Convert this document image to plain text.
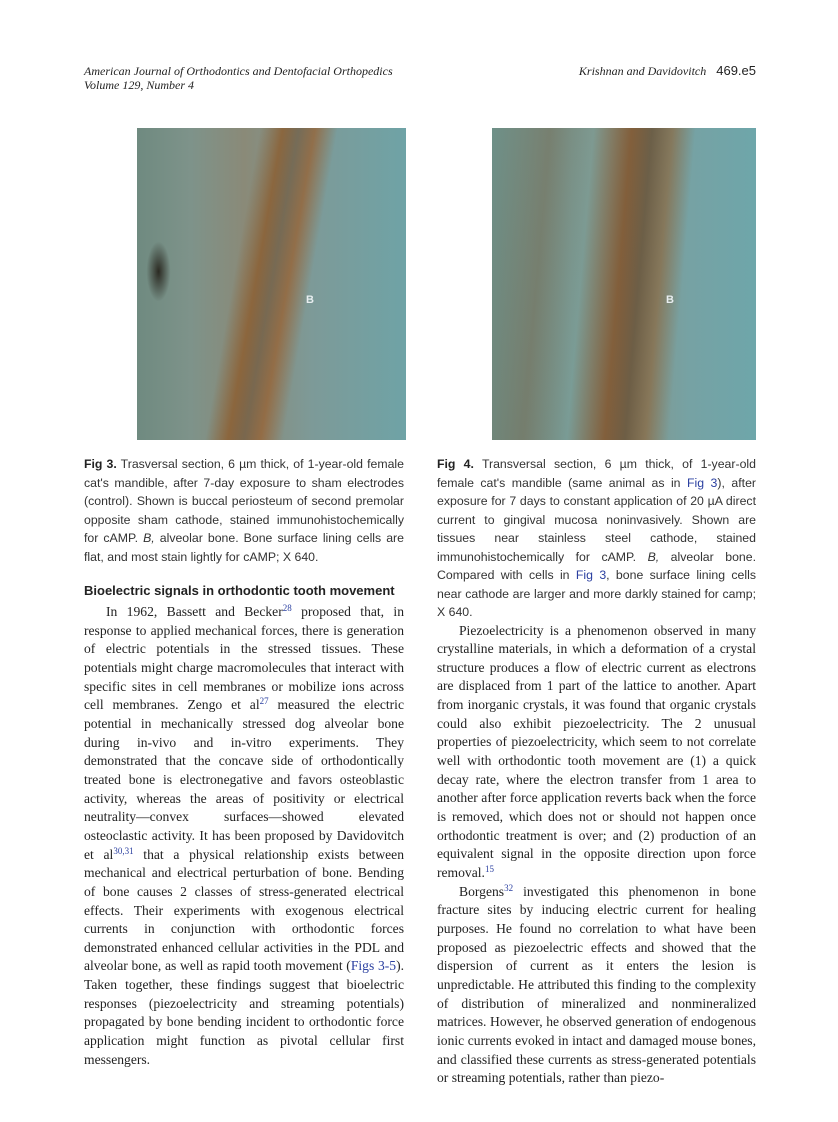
American Journal of Orthodontics and Dentofacial Orthopedics
Volume 129, Number 4
Krishnan and Davidovitch 469.e5
B	B
Fig 3. Trasversal section, 6 µm thick, of 1-year-old female cat's mandible, after 7-day exposure to sham electrodes (control). Shown is buccal periosteum of second premolar opposite sham cathode, stained immunohistochemically for cAMP. B, alveolar bone. Bone surface lining cells are flat, and most stain lightly for cAMP; X 640.
Bioelectric signals in orthodontic tooth movement

In 1962, Bassett and Becker$^{28}$ proposed that, in response to applied mechanical forces, there is generation of electric potentials in the stressed tissues. These potentials might charge macromolecules that interact with specific sites in cell membranes or mobilize ions across cell membranes. Zengo et $al^{27}$ measured the electric potential in mechanically stressed dog alveolar bone during in-vivo and in-vitro experiments. They demonstrated that the concave side of orthodontically treated bone is electronegative and favors osteoblastic activity, whereas the areas of positivity or electrical neutrality—convex surfaces—showed elevated osteoclastic activity. It has been proposed by Davidovitch et al$^{30,31}$ that a physical relationship exists between mechanical and electrical perturbation of bone. Bending of bone causes 2 classes of stress-generated electrical effects. Their experiments with exogenous electrical currents in conjunction with orthodontic forces demonstrated enhanced cellular activities in the PDL and alveolar bone, as well as rapid tooth movement (Figs 3-5). Taken together, these findings suggest that bioelectric responses (piezoelectricity and streaming potentials) propagated by bone bending incident to orthodontic force application might function as pivotal cellular first messengers.

Fig 4. Transversal section, 6 µm thick, of 1-year-old female cat's mandible (same animal as in Fig 3), after exposure for 7 days to constant application of 20 µA direct current to gingival mucosa noninvasively. Shown are tissues near stainless steel cathode, stained immunohistochemically for cAMP. B, alveolar bone. Compared with cells in Fig 3, bone surface lining cells near cathode are larger and more darkly stained for camp; X 640.

Piezoelectricity is a phenomenon observed in many crystalline materials, in which a deformation of a crystal structure produces a flow of electric current as electrons are displaced from 1 part of the lattice to another. Apart from inorganic crystals, it was found that organic crystals could also exhibit piezoelectricity. The 2 unusual properties of piezoelectricity, which seem to not correlate well with orthodontic tooth movement are (1) a quick decay rate, where the electron transfer from 1 area to another after force application reverts back when the force is removed, which does not or should not happen once orthodontic treatment is over; and (2) production of an equivalent signal in the opposite direction upon force removal.$^{15}$

Borgens$^{32}$ investigated this phenomenon in bone fracture sites by inducing electric current for healing purposes. He found no correlation to what have been proposed as piezoelectric effects and showed that the dispersion of current as it enters the lesion is unpredictable. He attributed this finding to the complexity of distribution of mineralized and nonmineralized matrices. However, he observed generation of endogenous ionic currents evoked in intact and damaged mouse bones, and classified these currents as stress-generated potentials or streaming potentials, rather than piezo-
